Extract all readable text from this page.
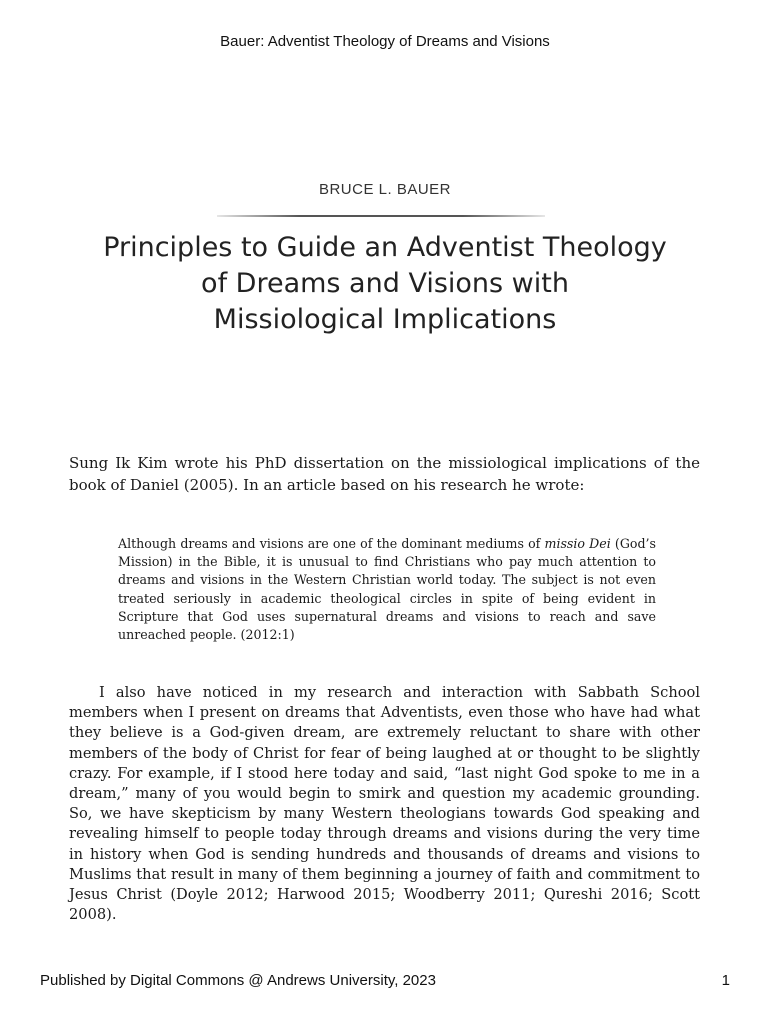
Bauer: Adventist Theology of Dreams and Visions
BRUCE L. BAUER
Principles to Guide an Adventist Theology
of Dreams and Visions with
Missiological Implications

Sung Ik Kim wrote his PhD dissertation on the missiological implications of the book of Daniel (2005). In an article based on his research he wrote:

Although dreams and visions are one of the dominant mediums of missio Dei (God’s Mission) in the Bible, it is unusual to find Christians who pay much attention to dreams and visions in the Western Christian world today. The subject is not even treated seriously in academic theological circles in spite of being evident in Scripture that God uses supernatural dreams and visions to reach and save unreached people. (2012:1)

I also have noticed in my research and interaction with Sabbath School members when I present on dreams that Adventists, even those who have had what they believe is a God-given dream, are extremely reluctant to share with other members of the body of Christ for fear of being laughed at or thought to be slightly crazy. For example, if I stood here today and said, “last night God spoke to me in a dream,” many of you would begin to smirk and question my academic grounding. So, we have skepticism by many Western theologians towards God speaking and revealing himself to people today through dreams and visions during the very time in history when God is sending hundreds and thousands of dreams and visions to Muslims that result in many of them beginning a journey of faith and commitment to Jesus Christ (Doyle 2012; Harwood 2015; Woodberry 2011; Qureshi 2016; Scott 2008).

Published by Digital Commons @ Andrews University, 2023	1
